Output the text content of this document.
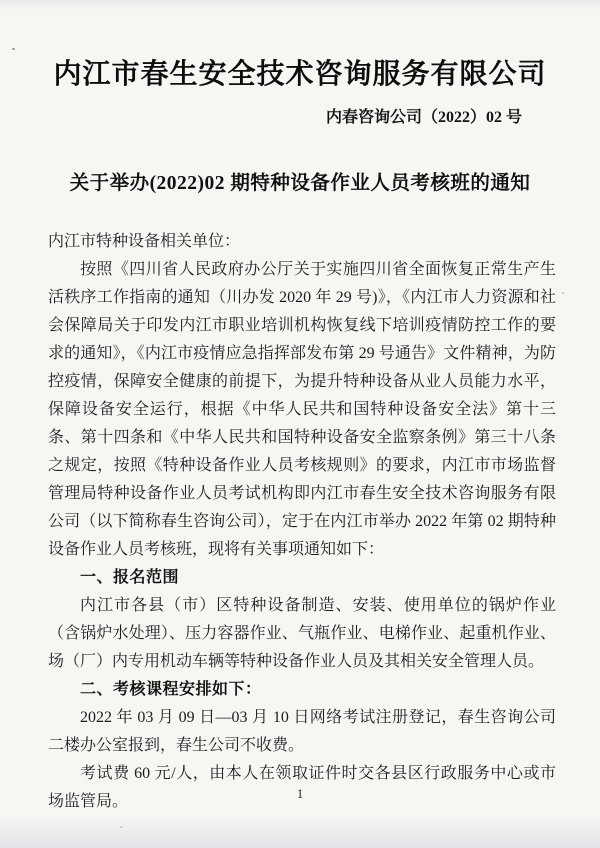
内江市春生安全技术咨询服务有限公司
内春咨询公司（2022）02 号
关于举办(2022)02 期特种设备作业人员考核班的通知

内江市特种设备相关单位：

按照《四川省人民政府办公厅关于实施四川省全面恢复正常生产生活秩序工作指南的通知（川办发 2020 年 29 号)》，《内江市人力资源和社会保障局关于印发内江市职业培训机构恢复线下培训疫情防控工作的要求的通知》，《内江市疫情应急指挥部发布第 29 号通告》文件精神，为防控疫情，保障安全健康的前提下，为提升特种设备从业人员能力水平，保障设备安全运行，根据《中华人民共和国特种设备安全法》第十三条、第十四条和《中华人民共和国特种设备安全监察条例》第三十八条之规定，按照《特种设备作业人员考核规则》的要求，内江市市场监督管理局特种设备作业人员考试机构即内江市春生安全技术咨询服务有限公司（以下简称春生咨询公司），定于在内江市举办 2022 年第 02 期特种设备作业人员考核班，现将有关事项通知如下：

一、报名范围

内江市各县（市）区特种设备制造、安装、使用单位的锅炉作业（含锅炉水处理）、压力容器作业、气瓶作业、电梯作业、起重机作业、场（厂）内专用机动车辆等特种设备作业人员及其相关安全管理人员。

二、考核课程安排如下：

2022 年 03 月 09 日—03 月 10 日网络考试注册登记，春生咨询公司二楼办公室报到，春生公司不收费。

考试费 60 元/人，由本人在领取证件时交各县区行政服务中心或市场监管局。	1
